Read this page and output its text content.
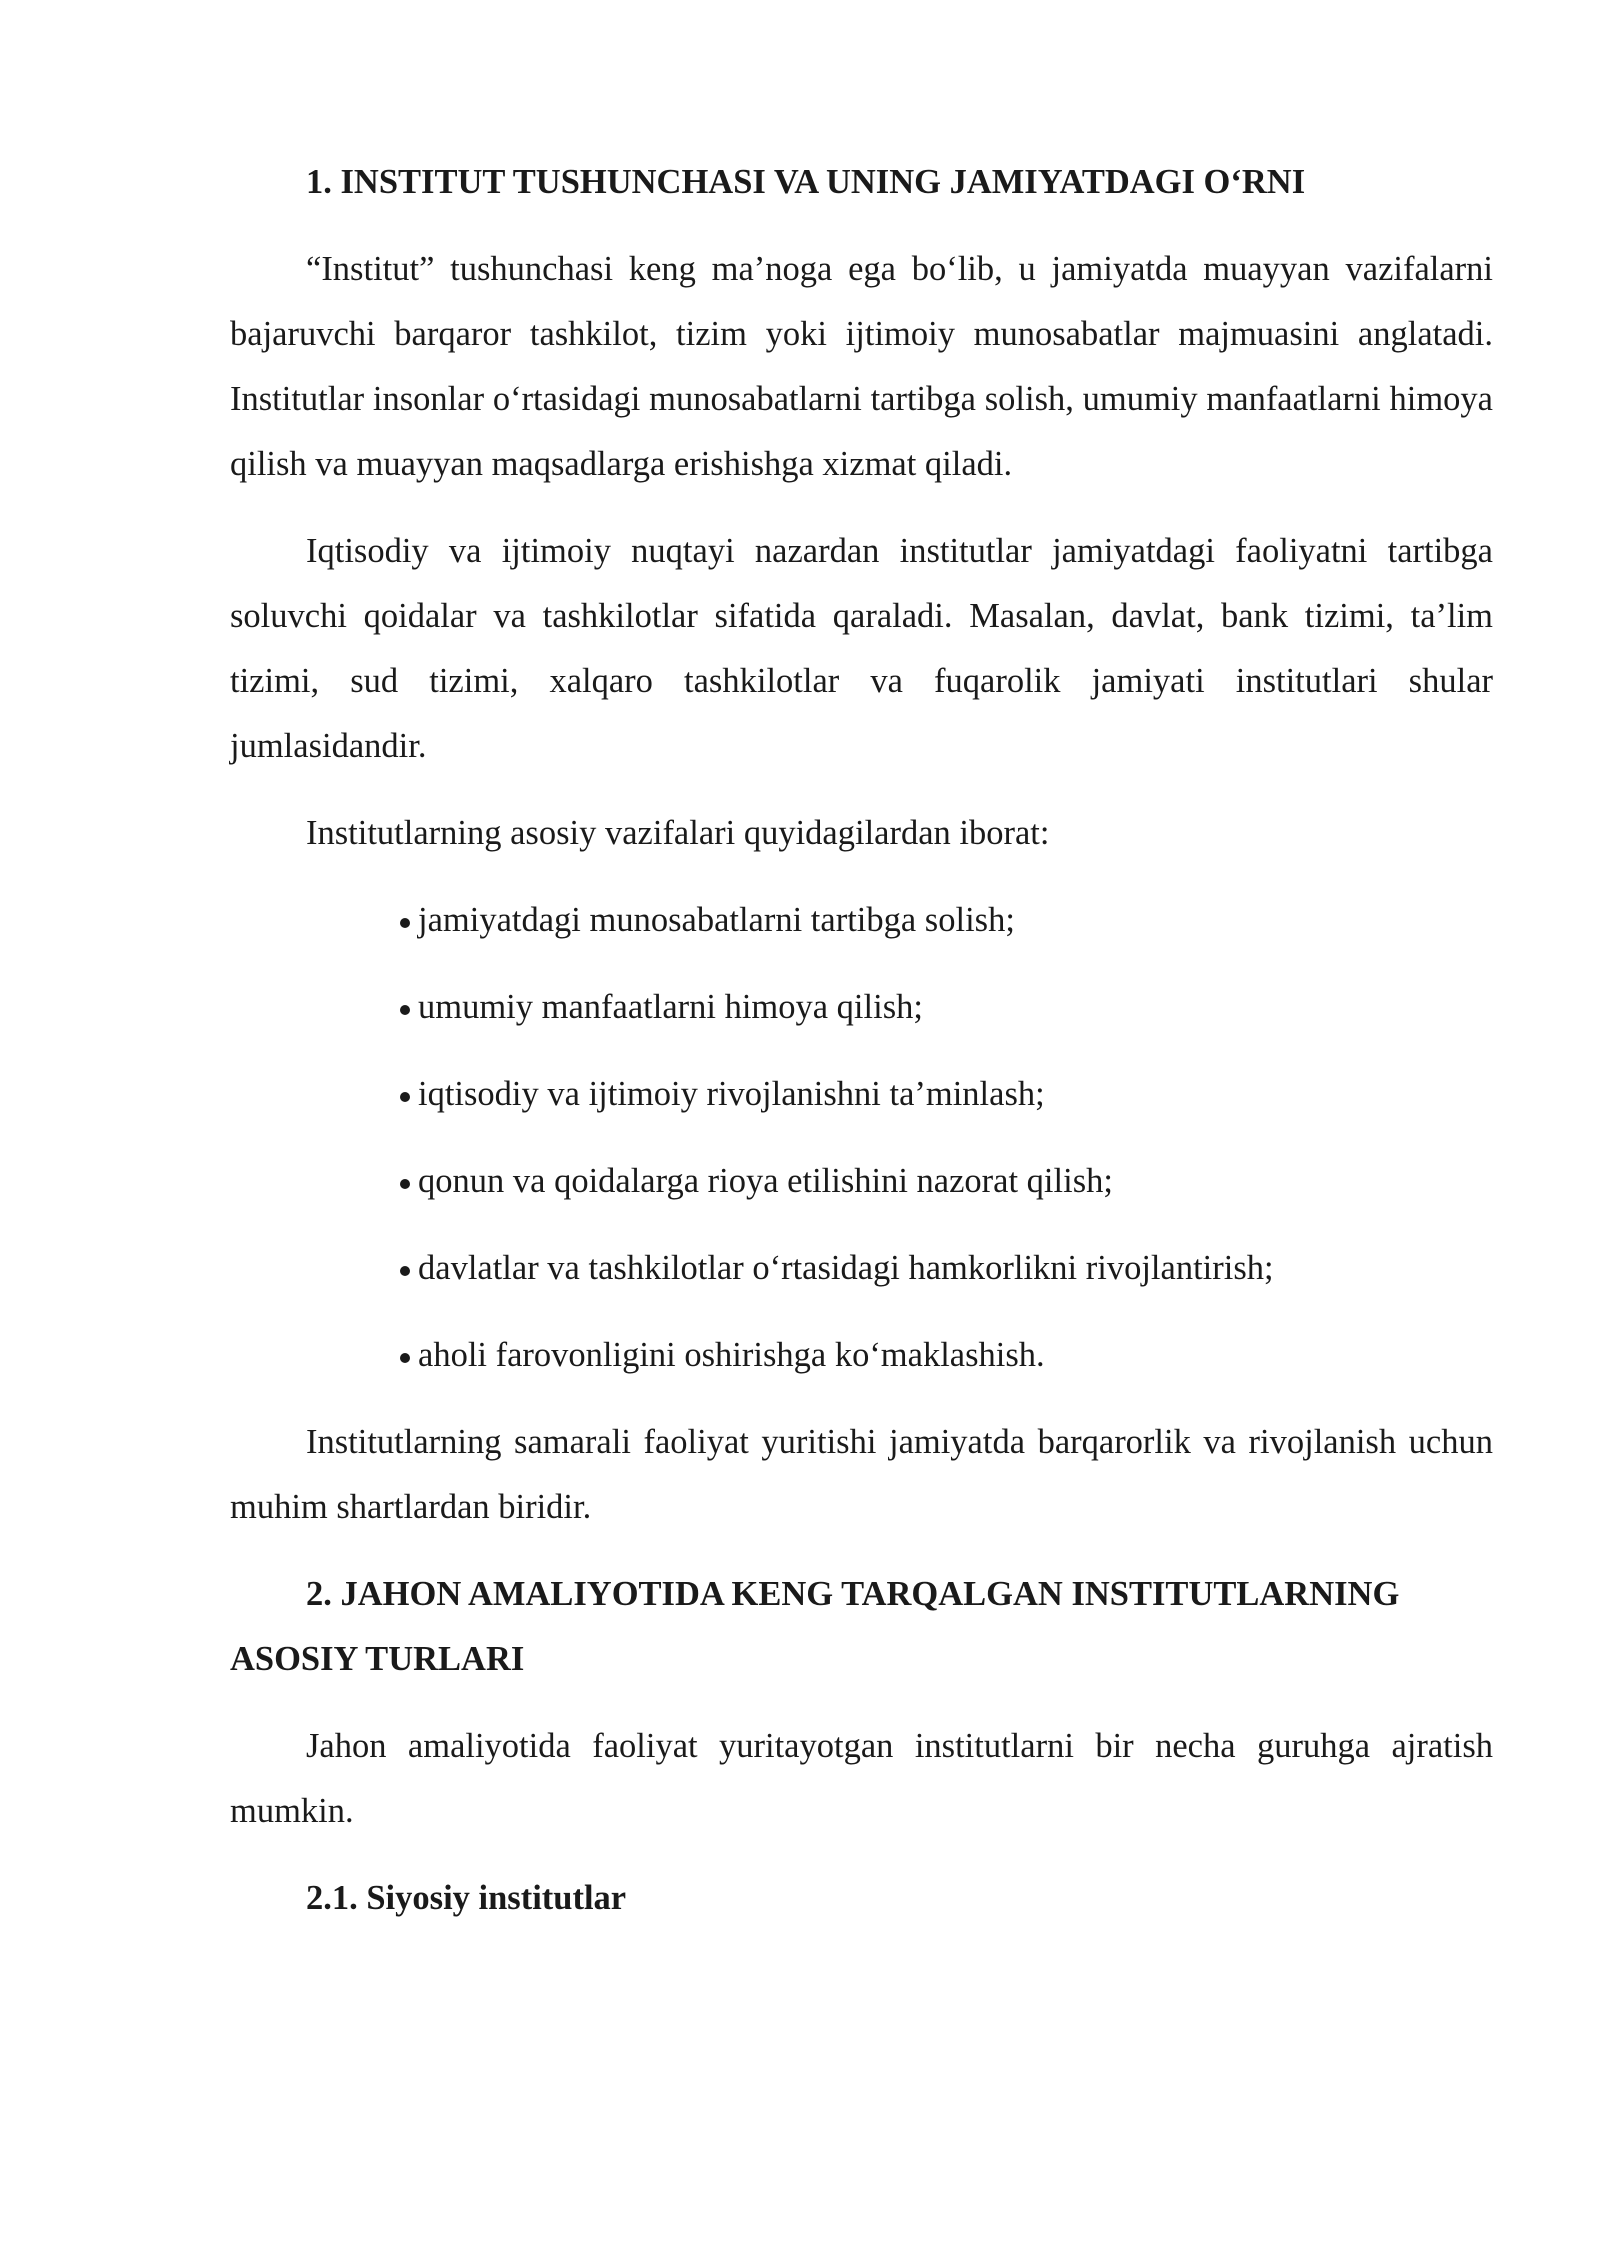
1. INSTITUT TUSHUNCHASI VA UNING JAMIYATDAGI O‘RNI

“Institut” tushunchasi keng ma’noga ega bo‘lib, u jamiyatda muayyan vazifalarni bajaruvchi barqaror tashkilot, tizim yoki ijtimoiy munosabatlar majmuasini anglatadi. Institutlar insonlar o‘rtasidagi munosabatlarni tartibga solish, umumiy manfaatlarni himoya qilish va muayyan maqsadlarga erishishga xizmat qiladi.

Iqtisodiy va ijtimoiy nuqtayi nazardan institutlar jamiyatdagi faoliyatni tartibga soluvchi qoidalar va tashkilotlar sifatida qaraladi. Masalan, davlat, bank tizimi, ta’lim tizimi, sud tizimi, xalqaro tashkilotlar va fuqarolik jamiyati institutlari shular jumlasidandir.

Institutlarning asosiy vazifalari quyidagilardan iborat:

jamiyatdagi munosabatlarni tartibga solish;
umumiy manfaatlarni himoya qilish;
iqtisodiy va ijtimoiy rivojlanishni ta’minlash;
qonun va qoidalarga rioya etilishini nazorat qilish;
davlatlar va tashkilotlar o‘rtasidagi hamkorlikni rivojlantirish;
aholi farovonligini oshirishga ko‘maklashish.

Institutlarning samarali faoliyat yuritishi jamiyatda barqarorlik va rivojlanish uchun muhim shartlardan biridir.

2. JAHON AMALIYOTIDA KENG TARQALGAN INSTITUTLARNING ASOSIY TURLARI

Jahon amaliyotida faoliyat yuritayotgan institutlarni bir necha guruhga ajratish mumkin.

2.1. Siyosiy institutlar
